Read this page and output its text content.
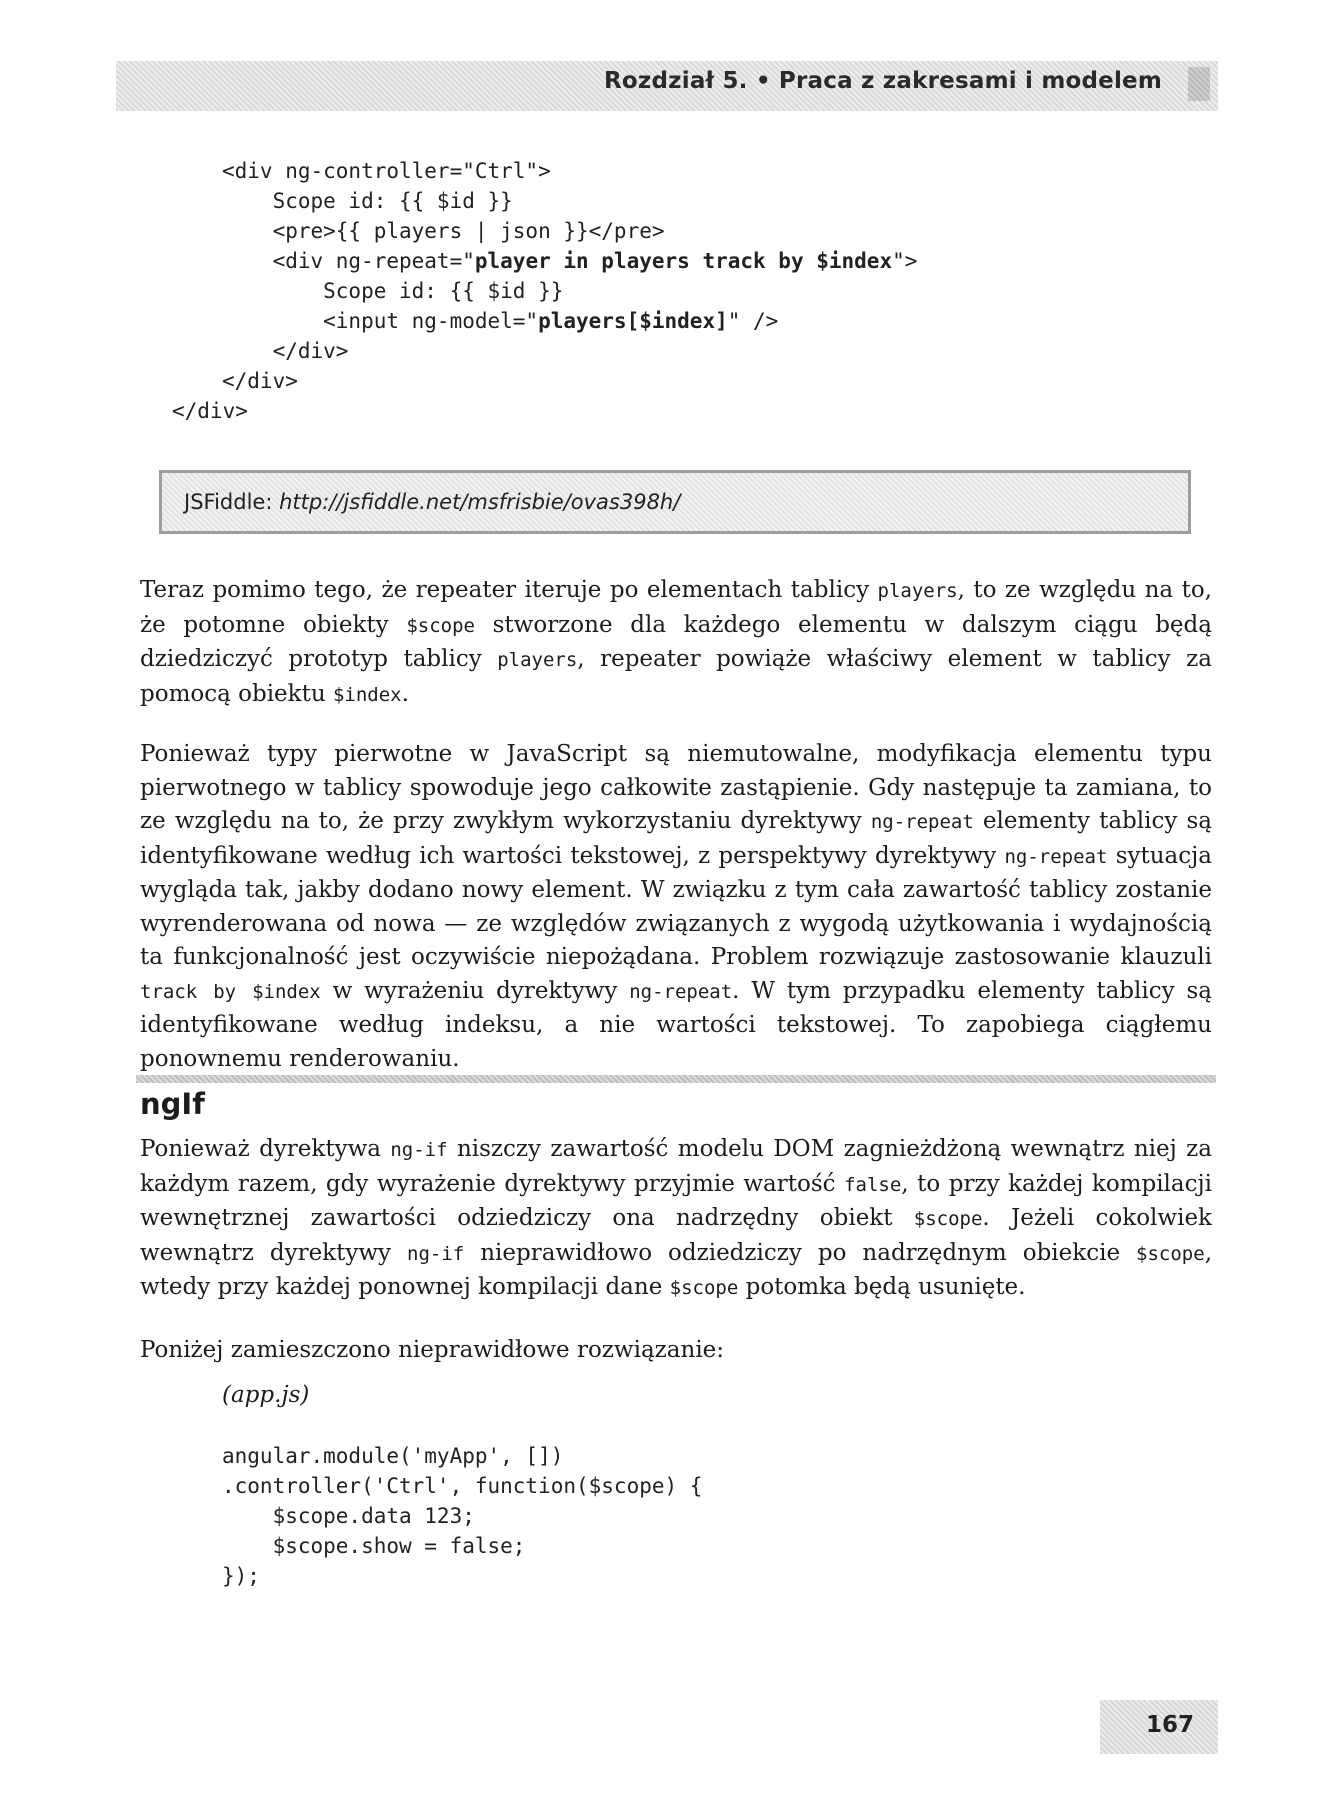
Rozdział 5. • Praca z zakresami i modelem
<div ng-controller="Ctrl">
Scope id: {{ $id }}
<pre>{{ players | json }}</pre>
<div ng-repeat="player in players track by $index">
Scope id: {{ $id }}
<input ng-model="players[$index]" />
</div>
</div>
</div>
JSFiddle: http://jsfiddle.net/msfrisbie/ovas398h/

Teraz pomimo tego, że repeater iteruje po elementach tablicy players, to ze względu na to, że potomne obiekty $scope stworzone dla każdego elementu w dalszym ciągu będą dziedziczyć prototyp tablicy players, repeater powiąże właściwy element w tablicy za pomocą obiektu $index.

Ponieważ typy pierwotne w JavaScript są niemutowalne, modyfikacja elementu typu pierwotnego w tablicy spowoduje jego całkowite zastąpienie. Gdy następuje ta zamiana, to ze względu na to, że przy zwykłym wykorzystaniu dyrektywy ng-repeat elementy tablicy są identyfikowane według ich wartości tekstowej, z perspektywy dyrektywy ng-repeat sytuacja wygląda tak, jakby dodano nowy element. W związku z tym cała zawartość tablicy zostanie wyrenderowana od nowa — ze względów związanych z wygodą użytkowania i wydajnością ta funkcjonalność jest oczywiście niepożądana. Problem rozwiązuje zastosowanie klauzuli track by $index w wyrażeniu dyrektywy ng-repeat. W tym przypadku elementy tablicy są identyfikowane według indeksu, a nie wartości tekstowej. To zapobiega ciągłemu ponownemu renderowaniu.

ngIf

Ponieważ dyrektywa ng-if niszczy zawartość modelu DOM zagnieżdżoną wewnątrz niej za każdym razem, gdy wyrażenie dyrektywy przyjmie wartość false, to przy każdej kompilacji wewnętrznej zawartości odziedziczy ona nadrzędny obiekt $scope. Jeżeli cokolwiek wewnątrz dyrektywy ng-if nieprawidłowo odziedziczy po nadrzędnym obiekcie $scope, wtedy przy każdej ponownej kompilacji dane $scope potomka będą usunięte.

Poniżej zamieszczono nieprawidłowe rozwiązanie:

(app.js)
angular.module('myApp', [])
.controller('Ctrl', function($scope) {
$scope.data 123;
$scope.show = false;
});
167
